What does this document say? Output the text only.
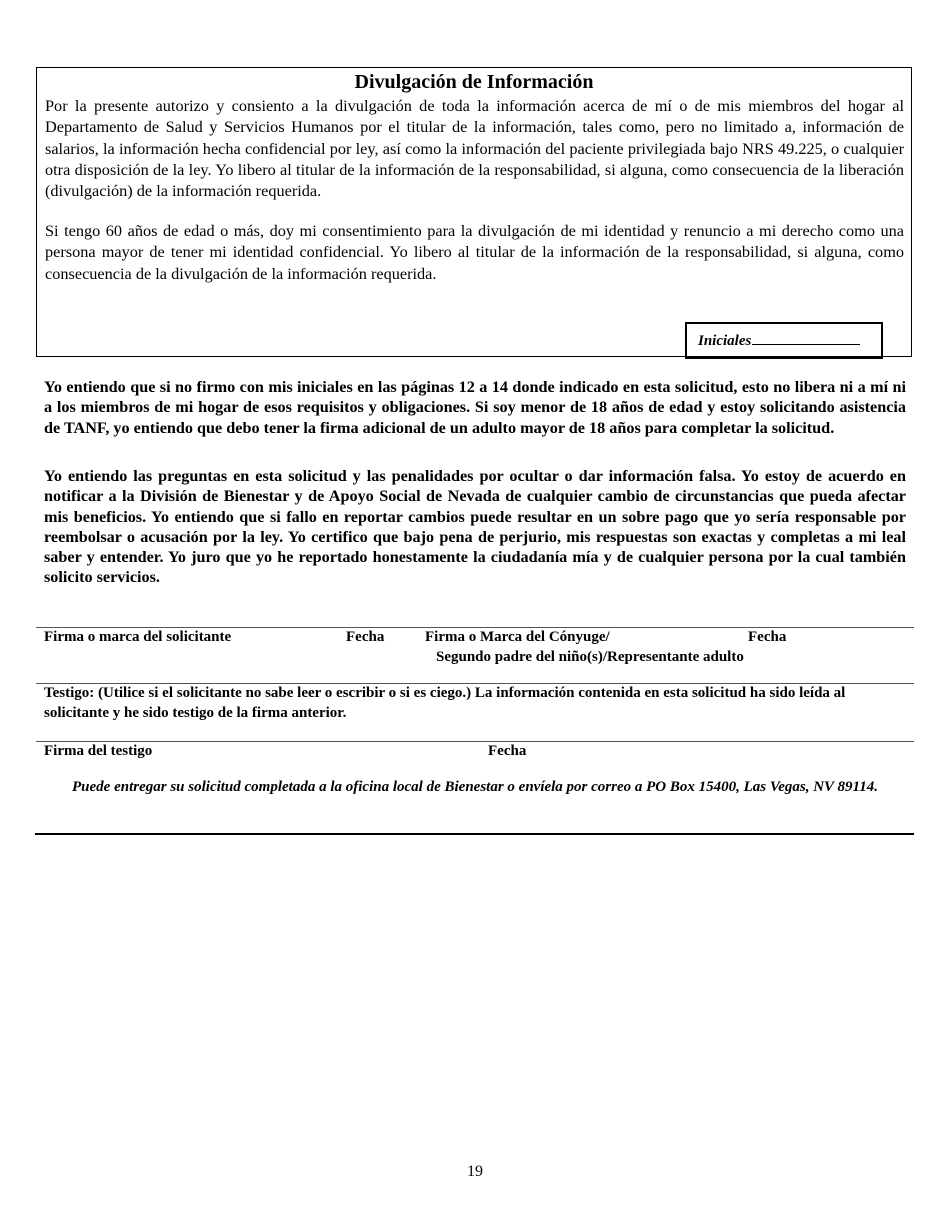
Divulgación de Información

Por la presente autorizo y consiento a la divulgación de toda la información acerca de mí o de mis miembros del hogar al Departamento de Salud y Servicios Humanos por el titular de la información, tales como, pero no limitado a, información de salarios, la información hecha confidencial por ley, así como la información del paciente privilegiada bajo NRS 49.225, o cualquier otra disposición de la ley. Yo libero al titular de la información de la responsabilidad, si alguna, como consecuencia de la liberación (divulgación) de la información requerida.

Si tengo 60 años de edad o más, doy mi consentimiento para la divulgación de mi identidad y renuncio a mi derecho como una persona mayor de tener mi identidad confidencial. Yo libero al titular de la información de la responsabilidad, si alguna, como consecuencia de la divulgación de la información requerida.

Iniciales

Yo entiendo que si no firmo con mis iniciales en las páginas 12 a 14 donde indicado en esta solicitud, esto no libera ni a mí ni a los miembros de mi hogar de esos requisitos y obligaciones. Si soy menor de 18 años de edad y estoy solicitando asistencia de TANF, yo entiendo que debo tener la firma adicional de un adulto mayor de 18 años para completar la solicitud.

Yo entiendo las preguntas en esta solicitud y las penalidades por ocultar o dar información falsa. Yo estoy de acuerdo en notificar a la División de Bienestar y de Apoyo Social de Nevada de cualquier cambio de circunstancias que pueda afectar mis beneficios. Yo entiendo que si fallo en reportar cambios puede resultar en un sobre pago que yo sería responsable por reembolsar o acusación por la ley. Yo certifico que bajo pena de perjurio, mis respuestas son exactas y completas a mi leal saber y entender. Yo juro que yo he reportado honestamente la ciudadanía mía y de cualquier persona por la cual también solicito servicios.

Firma o marca del solicitante	Fecha	Firma o Marca del Cónyuge/	Fecha
Segundo padre del niño(s)/Representante adulto

Testigo: (Utilice si el solicitante no sabe leer o escribir o si es ciego.) La información contenida en esta solicitud ha sido leída al solicitante y he sido testigo de la firma anterior.

Firma del testigo	Fecha

Puede entregar su solicitud completada a la oficina local de Bienestar o envíela por correo a PO Box 15400, Las Vegas, NV 89114.

19
